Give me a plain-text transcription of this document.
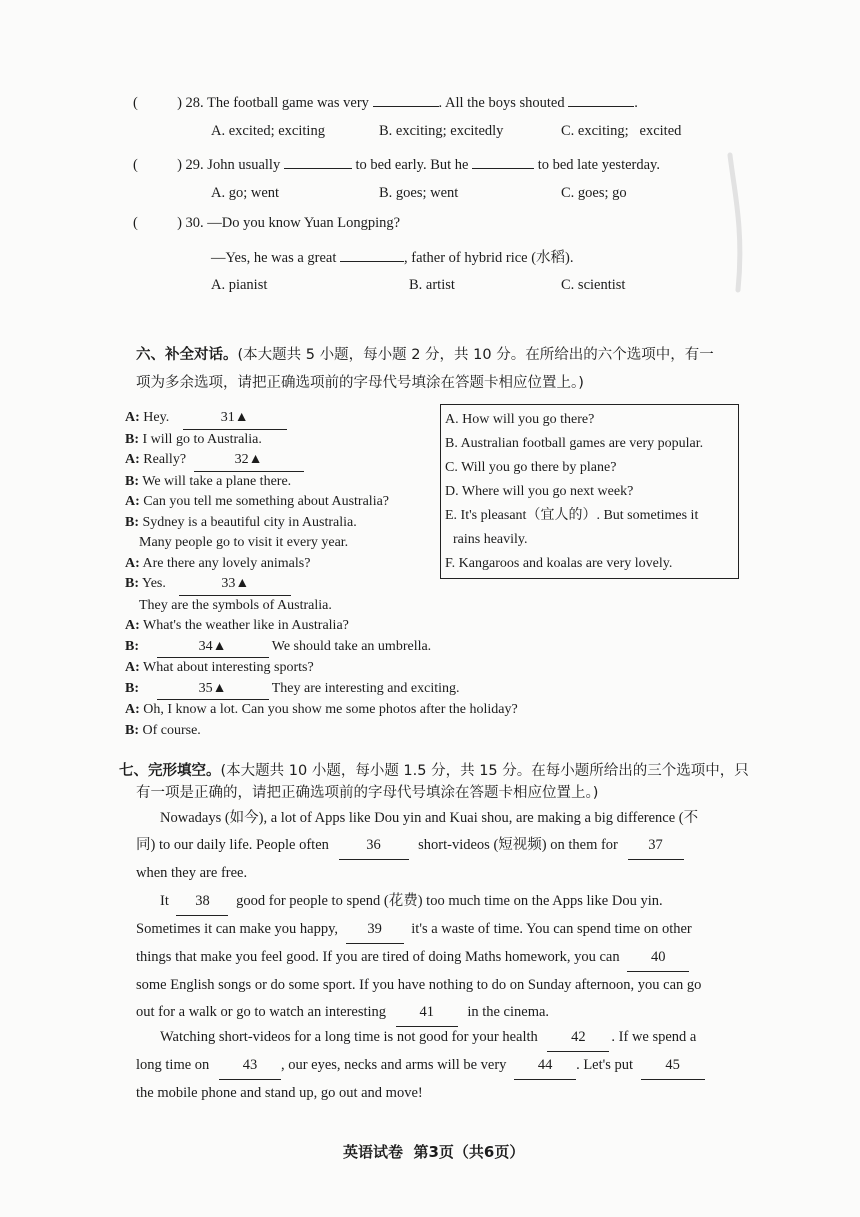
(	) 28. The football game was very	. All the boys shouted	.
A. excited; exciting	B. exciting; excitedly	C. exciting;   excited
(	) 29. John usually	to bed early. But he	to bed late yesterday.
A. go; went	B. goes; went	C. goes; go
(	) 30. —Do you know Yuan Longping?
—Yes, he was a great	, father of hybrid rice (水稻).
A. pianist	B. artist	C. scientist
六、补全对话。(本大题共 5 小题，每小题 2 分，共 10 分。在所给出的六个选项中，有一
项为多余选项，请把正确选项前的字母代号填涂在答题卡相应位置上。)
A: Hey.	31▲
B: I will go to Australia.
A: Really?	32▲
B: We will take a plane there.
A: Can you tell me something about Australia?
B: Sydney is a beautiful city in Australia.
Many people go to visit it every year.
A: Are there any lovely animals?
B: Yes.	33▲
They are the symbols of Australia.
A: What's the weather like in Australia?
B:	34▲	We should take an umbrella.
A: What about interesting sports?
B:	35▲	They are interesting and exciting.
A: Oh, I know a lot. Can you show me some photos after the holiday?
B: Of course.
A. How will you go there?
B. Australian football games are very popular.
C. Will you go there by plane?
D. Where will you go next week?
E. It's pleasant（宜人的）. But sometimes it
rains heavily.
F. Kangaroos and koalas are very lovely.
七、完形填空。(本大题共 10 小题，每小题 1.5 分，共 15 分。在每小题所给出的三个选项中，只
有一项是正确的，请把正确选项前的字母代号填涂在答题卡相应位置上。)
Nowadays (如今), a lot of Apps like Dou yin and Kuai shou, are making a big difference (不
同) to our daily life. People often	36	short-videos (短视频) on them for 37
when they are free.
It 38 good for people to spend (花费) too much time on the Apps like Dou yin.
Sometimes it can make you happy, 39 it's a waste of time. You can spend time on other
things that make you feel good. If you are tired of doing Maths homework, you can 40
some English songs or do some sport. If you have nothing to do on Sunday afternoon, you can go
out for a walk or go to watch an interesting 41 in the cinema.
Watching short-videos for a long time is not good for your health 42 . If we spend a
long time on 43 , our eyes, necks and arms will be very 44 . Let's put 45
the mobile phone and stand up, go out and move!
英语试卷  第3页（共6页）
